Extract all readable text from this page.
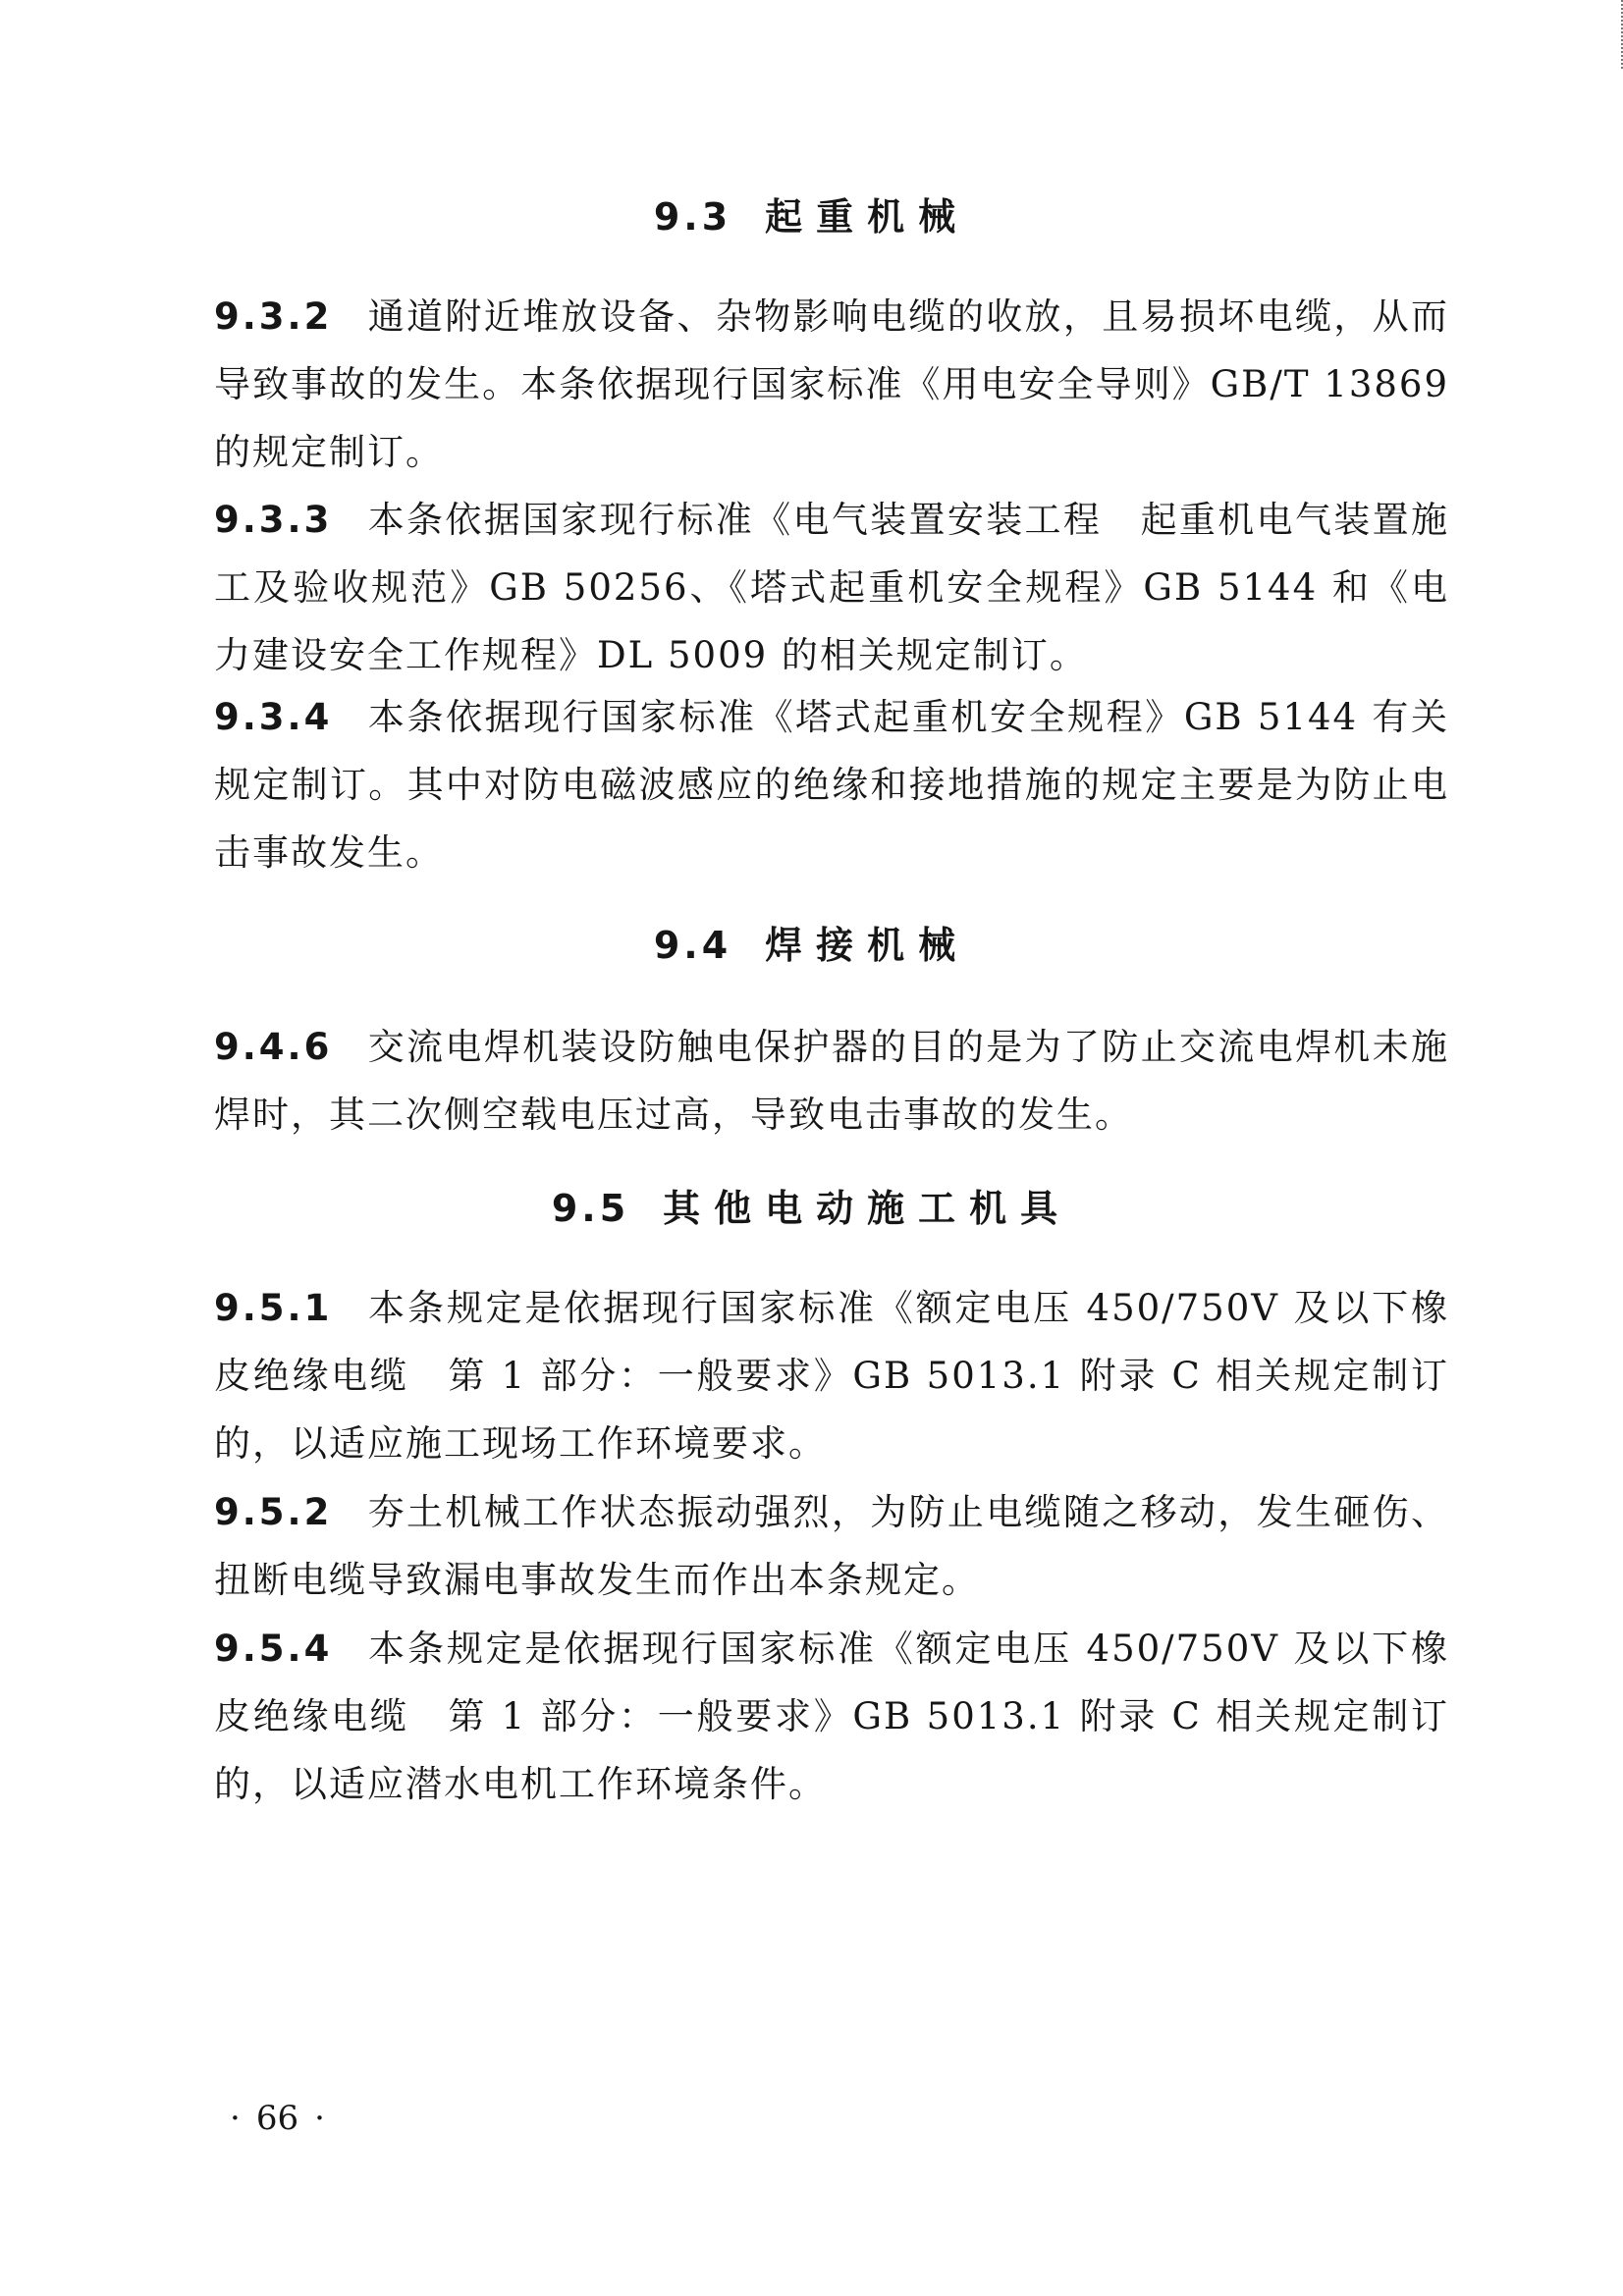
9.3 起重机械
9.3.2 通道附近堆放设备、杂物影响电缆的收放，且易损坏电缆，从而导致事故的发生。本条依据现行国家标准《用电安全导则》GB/T 13869 的规定制订。
9.3.3 本条依据国家现行标准《电气装置安装工程　起重机电气装置施工及验收规范》GB 50256、《塔式起重机安全规程》GB 5144 和《电力建设安全工作规程》DL 5009 的相关规定制订。
9.3.4 本条依据现行国家标准《塔式起重机安全规程》GB 5144 有关规定制订。其中对防电磁波感应的绝缘和接地措施的规定主要是为防止电击事故发生。
9.4 焊接机械
9.4.6 交流电焊机装设防触电保护器的目的是为了防止交流电焊机未施焊时，其二次侧空载电压过高，导致电击事故的发生。
9.5 其他电动施工机具
9.5.1 本条规定是依据现行国家标准《额定电压 450/750V 及以下橡皮绝缘电缆　第 1 部分：一般要求》GB 5013.1 附录 C 相关规定制订的，以适应施工现场工作环境要求。
9.5.2 夯土机械工作状态振动强烈，为防止电缆随之移动，发生砸伤、扭断电缆导致漏电事故发生而作出本条规定。
9.5.4 本条规定是依据现行国家标准《额定电压 450/750V 及以下橡皮绝缘电缆　第 1 部分：一般要求》GB 5013.1 附录 C 相关规定制订的，以适应潜水电机工作环境条件。
· 66 ·
